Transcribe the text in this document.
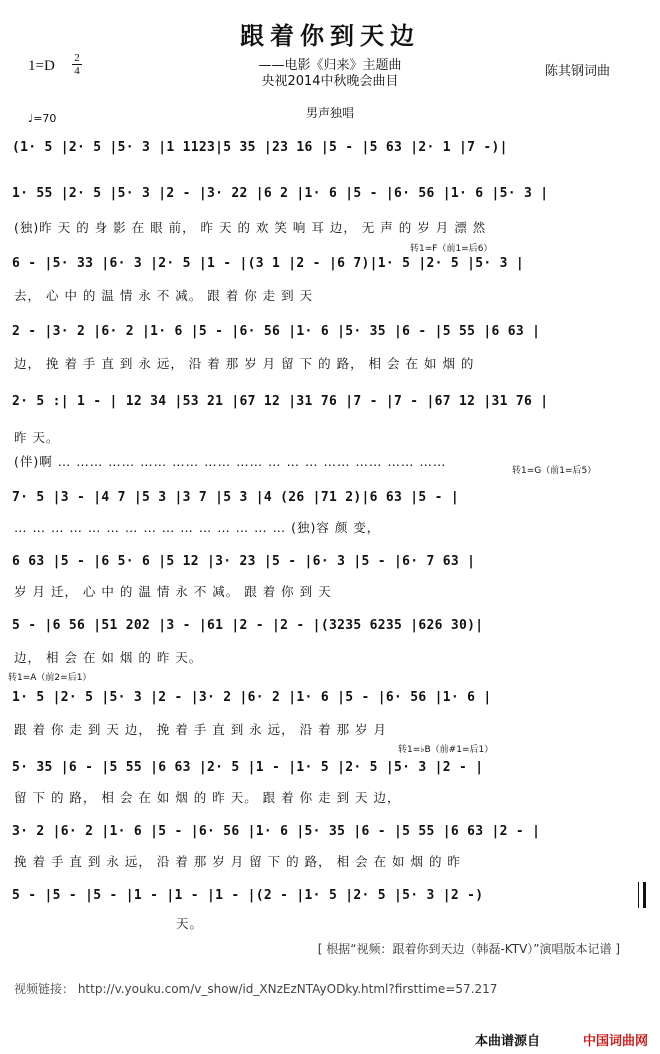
跟着你到天边
1=D 2
4	——电影《归来》主题曲
央视2014中秋晚会曲目
陈其钢词曲
男声独唱
♩=70
(1· 5 |2· 5 |5· 3 |1 1123|5 35 |23 16 |5 - |5 63 |2· 1 |7 -)|
1· 55 |2· 5 |5· 3 |2 - |3· 22 |6 2 |1· 6 |5 - |6· 56 |1· 6 |5· 3 |
(独)昨 天 的 身 影 在 眼 前， 昨 天 的 欢 笑 响 耳 边， 无 声 的 岁 月 漂 然
转1=F（前1=后6）
6 - |5· 33 |6· 3 |2· 5 |1 - |(3 1 |2 - |6 7)|1· 5 |2· 5 |5· 3 |
去， 心 中 的 温 情 永 不 减。 跟 着 你 走 到 天
2 - |3· 2 |6· 2 |1· 6 |5 - |6· 56 |1· 6 |5· 35 |6 - |5 55 |6 63 |
边， 挽 着 手 直 到 永 远， 沿 着 那 岁 月 留 下 的 路， 相 会 在 如 烟 的
2· 5 :| 1 - | 12 34 |53 21 |67 12 |31 76 |7 - |7 - |67 12 |31 76 |
昨 天。
(伴)啊 … …… …… …… …… …… …… … … … …… …… …… ……
转1=G（前1=后5）
7· 5 |3 - |4 7 |5 3 |3 7 |5 3 |4 (26 |71 2)|6 63 |5 - |
… … … … … … … … … … … … … … … (独)容 颜 变，
6 63 |5 - |6 5· 6 |5 12 |3· 23 |5 - |6· 3 |5 - |6· 7 63 |
岁 月 迁， 心 中 的 温 情 永 不 减。 跟 着 你 到 天
5 - |6 56 |51 202 |3 - |61 |2 - |2 - |(3235 6235 |626 30)|
边， 相 会 在 如 烟 的 昨 天。
转1=A（前2=后1）
1· 5 |2· 5 |5· 3 |2 - |3· 2 |6· 2 |1· 6 |5 - |6· 56 |1· 6 |
跟 着 你 走 到 天 边， 挽 着 手 直 到 永 远， 沿 着 那 岁 月
转1=♭B（前#1=后1）
5· 35 |6 - |5 55 |6 63 |2· 5 |1 - |1· 5 |2· 5 |5· 3 |2 - |
留 下 的 路， 相 会 在 如 烟 的 昨 天。 跟 着 你 走 到 天 边，
3· 2 |6· 2 |1· 6 |5 - |6· 56 |1· 6 |5· 35 |6 - |5 55 |6 63 |2 - |
挽 着 手 直 到 永 远， 沿 着 那 岁 月 留 下 的 路， 相 会 在 如 烟 的 昨
5 - |5 - |5 - |1 - |1 - |1 - |(2 - |1· 5 |2· 5 |5· 3 |2 -)
天。
[ 根据“视频：跟着你到天边（韩磊-KTV）”演唱版本记谱 ]
视频链接： http://v.youku.com/v_show/id_XNzEzNTAyODky.html?firsttime=57.217
本曲谱源自	中国词曲网
